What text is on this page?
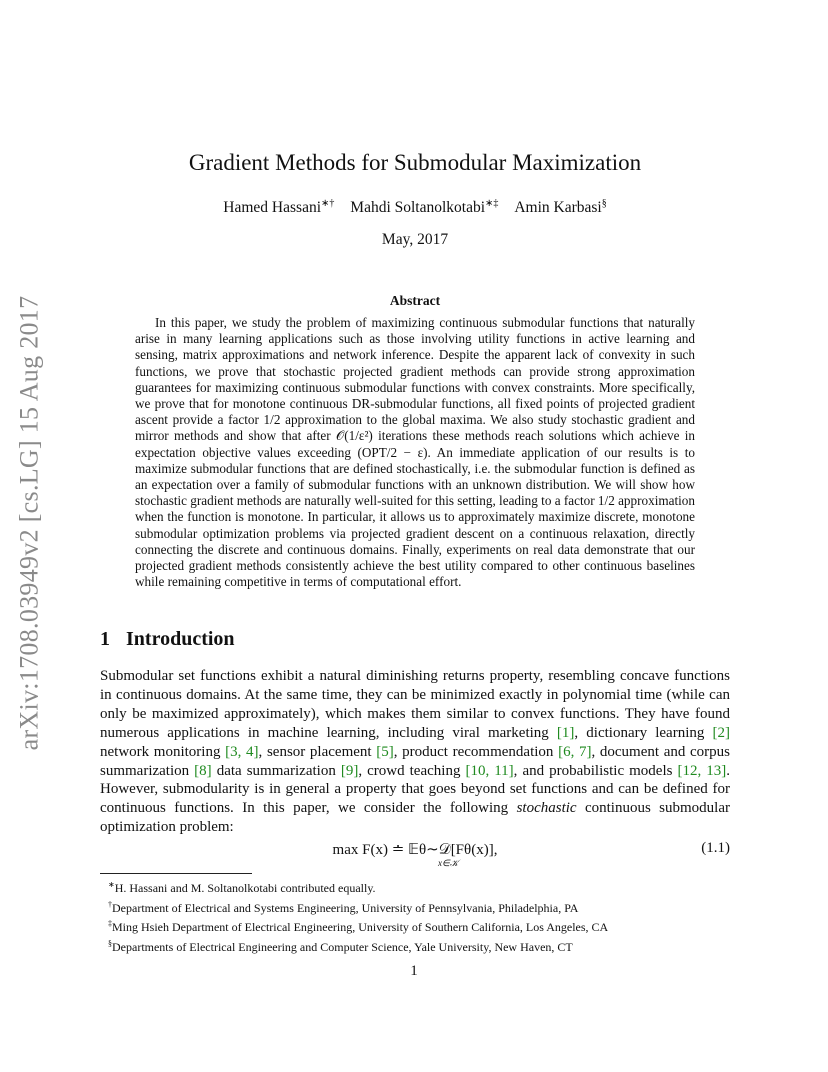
arXiv:1708.03949v2 [cs.LG] 15 Aug 2017
Gradient Methods for Submodular Maximization
Hamed Hassani∗† Mahdi Soltanolkotabi∗‡ Amin Karbasi§
May, 2017
Abstract
In this paper, we study the problem of maximizing continuous submodular functions that naturally arise in many learning applications such as those involving utility functions in active learning and sensing, matrix approximations and network inference. Despite the apparent lack of convexity in such functions, we prove that stochastic projected gradient methods can provide strong approximation guarantees for maximizing continuous submodular functions with convex constraints. More specifically, we prove that for monotone continuous DR-submodular functions, all fixed points of projected gradient ascent provide a factor 1/2 approximation to the global maxima. We also study stochastic gradient and mirror methods and show that after 𝒪(1/ε²) iterations these methods reach solutions which achieve in expectation objective values exceeding (OPT/2 − ε). An immediate application of our results is to maximize submodular functions that are defined stochastically, i.e. the submodular function is defined as an expectation over a family of submodular functions with an unknown distribution. We will show how stochastic gradient methods are naturally well-suited for this setting, leading to a factor 1/2 approximation when the function is monotone. In particular, it allows us to approximately maximize discrete, monotone submodular optimization problems via projected gradient descent on a continuous relaxation, directly connecting the discrete and continuous domains. Finally, experiments on real data demonstrate that our projected gradient methods consistently achieve the best utility compared to other continuous baselines while remaining competitive in terms of computational effort.
1 Introduction
Submodular set functions exhibit a natural diminishing returns property, resembling concave functions in continuous domains. At the same time, they can be minimized exactly in polynomial time (while can only be maximized approximately), which makes them similar to convex functions. They have found numerous applications in machine learning, including viral marketing [1], dictionary learning [2] network monitoring [3, 4], sensor placement [5], product recommendation [6, 7], document and corpus summarization [8] data summarization [9], crowd teaching [10, 11], and probabilistic models [12, 13]. However, submodularity is in general a property that goes beyond set functions and can be defined for continuous functions. In this paper, we consider the following stochastic continuous submodular optimization problem:
max F(x) ≐ 𝔼θ∼𝒟[Fθ(x)],
x∈𝒦
(1.1)
∗H. Hassani and M. Soltanolkotabi contributed equally.
†Department of Electrical and Systems Engineering, University of Pennsylvania, Philadelphia, PA
‡Ming Hsieh Department of Electrical Engineering, University of Southern California, Los Angeles, CA
§Departments of Electrical Engineering and Computer Science, Yale University, New Haven, CT
1
